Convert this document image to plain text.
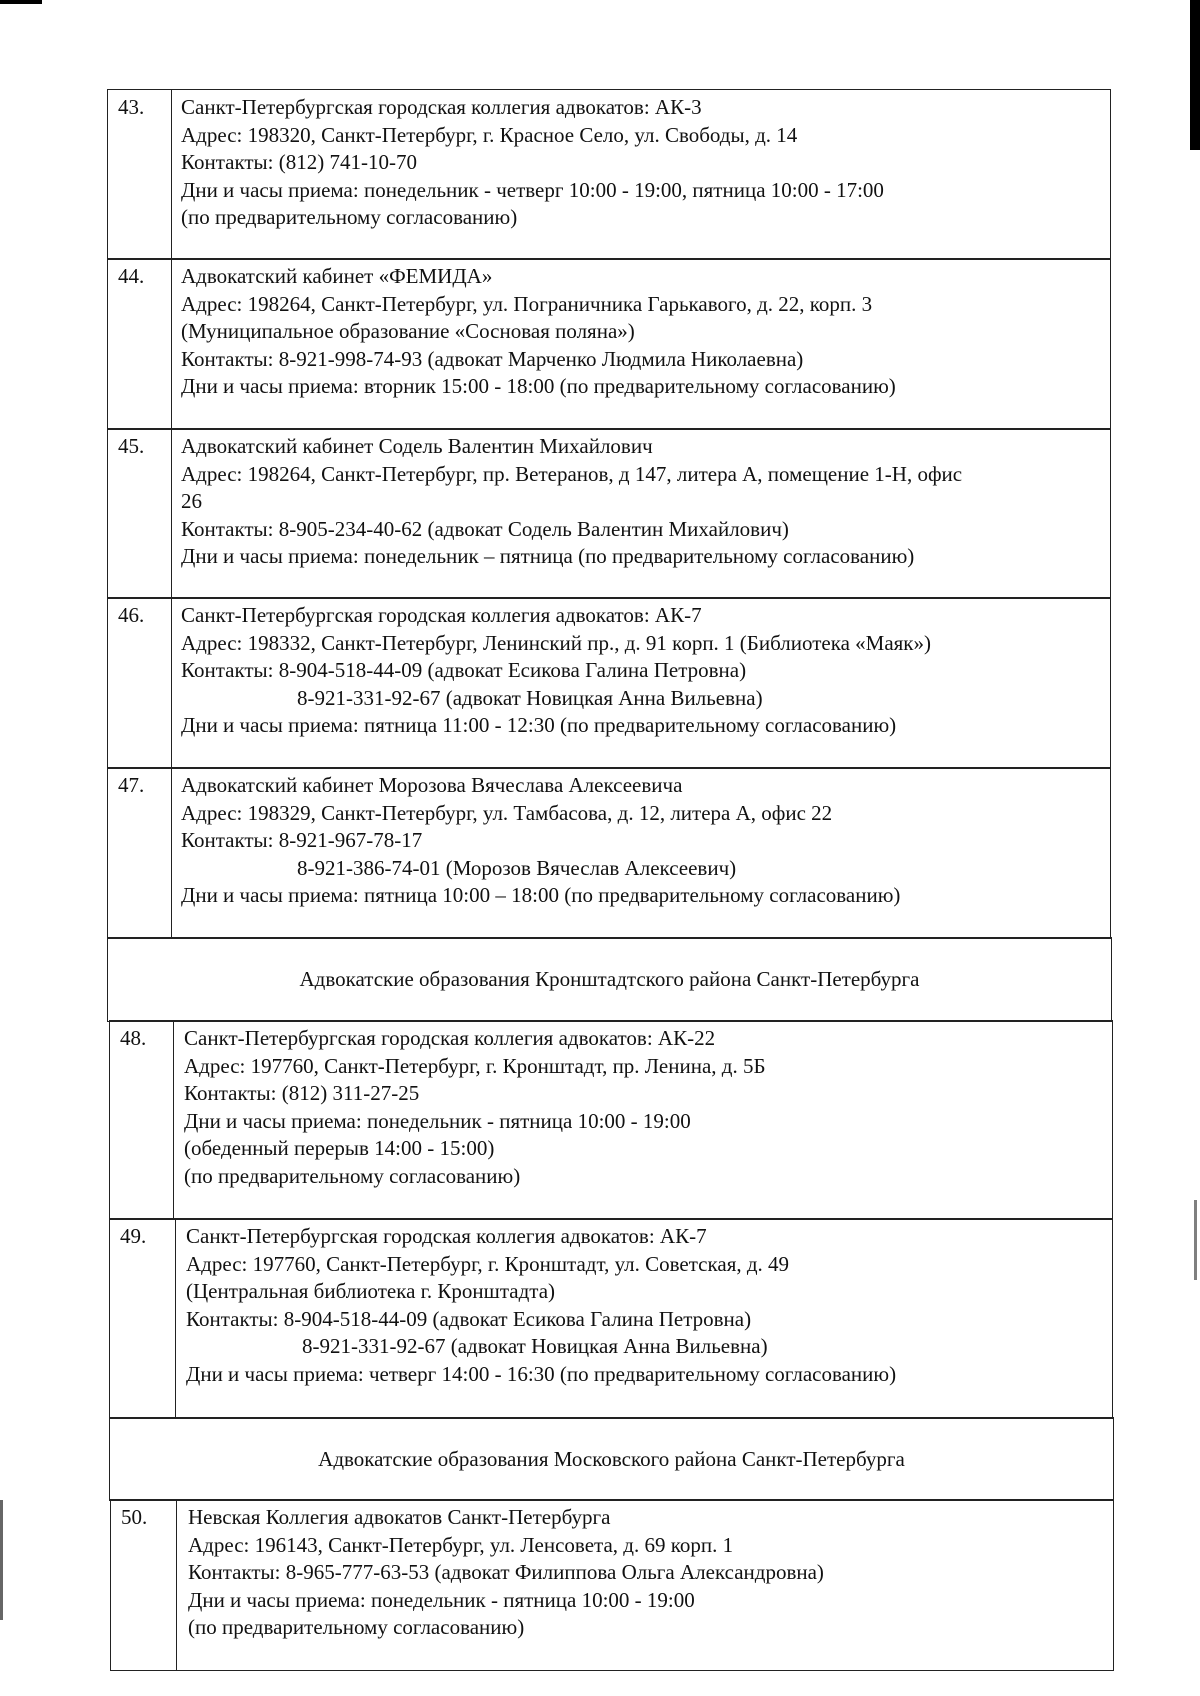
43. Санкт-Петербургская городская коллегия адвокатов: АК-3
Адрес: 198320, Санкт-Петербург, г. Красное Село, ул. Свободы, д. 14
Контакты: (812) 741-10-70
Дни и часы приема: понедельник - четверг 10:00 - 19:00, пятница 10:00 - 17:00
(по предварительному согласованию)
44. Адвокатский кабинет «ФЕМИДА»
Адрес: 198264, Санкт-Петербург, ул. Пограничника Гарькавого, д. 22, корп. 3
(Муниципальное образование «Сосновая поляна»)
Контакты: 8-921-998-74-93 (адвокат Марченко Людмила Николаевна)
Дни и часы приема: вторник 15:00 - 18:00 (по предварительному согласованию)
45. Адвокатский кабинет Содель Валентин Михайлович
Адрес: 198264, Санкт-Петербург, пр. Ветеранов, д 147, литера А, помещение 1-Н, офис
26
Контакты: 8-905-234-40-62 (адвокат Содель Валентин Михайлович)
Дни и часы приема: понедельник – пятница (по предварительному согласованию)
46. Санкт-Петербургская городская коллегия адвокатов: АК-7
Адрес: 198332, Санкт-Петербург, Ленинский пр., д. 91 корп. 1 (Библиотека «Маяк»)
Контакты: 8-904-518-44-09 (адвокат Есикова Галина Петровна)
8-921-331-92-67 (адвокат Новицкая Анна Вильевна)
Дни и часы приема: пятница 11:00 - 12:30 (по предварительному согласованию)
47. Адвокатский кабинет Морозова Вячеслава Алексеевича
Адрес: 198329, Санкт-Петербург, ул. Тамбасова, д. 12, литера А, офис 22
Контакты: 8-921-967-78-17
8-921-386-74-01 (Морозов Вячеслав Алексеевич)
Дни и часы приема: пятница 10:00 – 18:00 (по предварительному согласованию)
Адвокатские образования Кронштадтского района Санкт-Петербурга
48. Санкт-Петербургская городская коллегия адвокатов: АК-22
Адрес: 197760, Санкт-Петербург, г. Кронштадт, пр. Ленина, д. 5Б
Контакты: (812) 311-27-25
Дни и часы приема: понедельник - пятница 10:00 - 19:00
(обеденный перерыв 14:00 - 15:00)
(по предварительному согласованию)
49. Санкт-Петербургская городская коллегия адвокатов: АК-7
Адрес: 197760, Санкт-Петербург, г. Кронштадт, ул. Советская, д. 49
(Центральная библиотека г. Кронштадта)
Контакты: 8-904-518-44-09 (адвокат Есикова Галина Петровна)
8-921-331-92-67 (адвокат Новицкая Анна Вильевна)
Дни и часы приема: четверг 14:00 - 16:30 (по предварительному согласованию)
Адвокатские образования Московского района Санкт-Петербурга
50. Невская Коллегия адвокатов Санкт-Петербурга
Адрес: 196143, Санкт-Петербург, ул. Ленсовета, д. 69 корп. 1
Контакты: 8-965-777-63-53 (адвокат Филиппова Ольга Александровна)
Дни и часы приема: понедельник - пятница 10:00 - 19:00
(по предварительному согласованию)
